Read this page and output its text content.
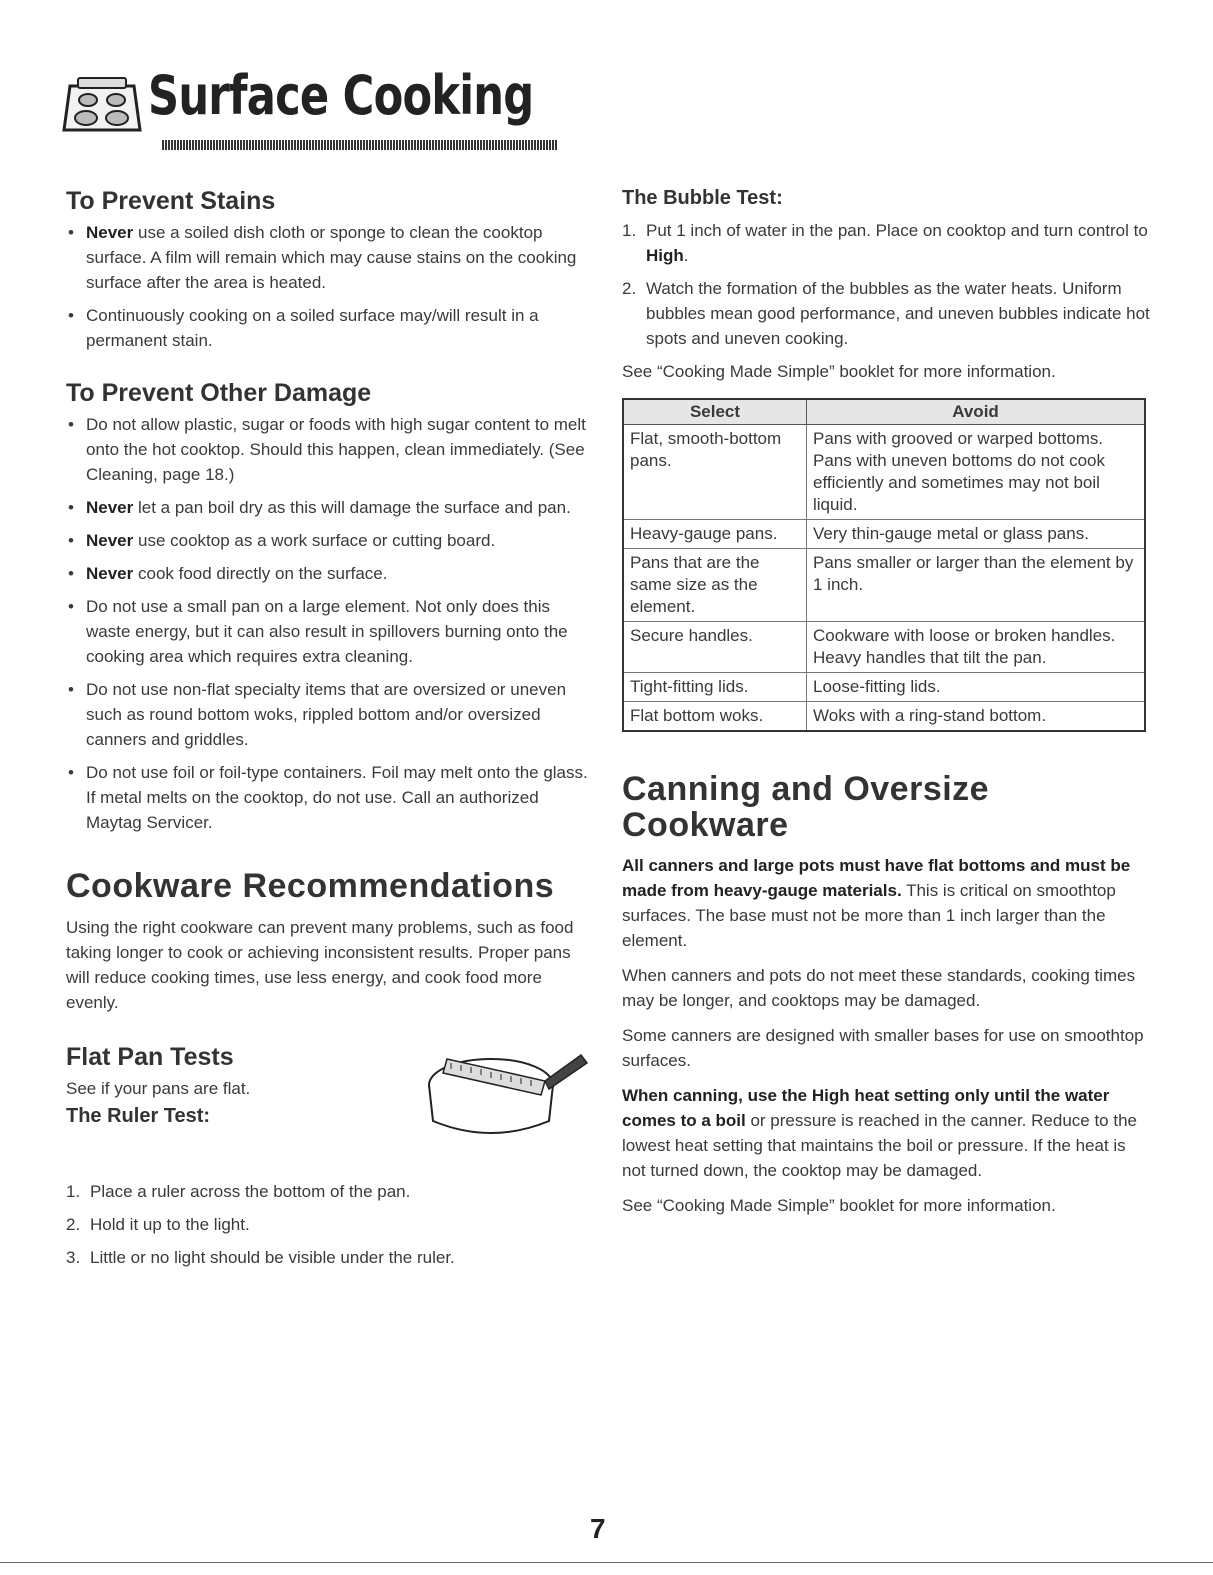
Surface Cooking
To Prevent Stains
• Never use a soiled dish cloth or sponge to clean the cooktop surface. A film will remain which may cause stains on the cooking surface after the area is heated.
• Continuously cooking on a soiled surface may/will result in a permanent stain.
To Prevent Other Damage
• Do not allow plastic, sugar or foods with high sugar content to melt onto the hot cooktop. Should this happen, clean immediately. (See Cleaning, page 18.)
• Never let a pan boil dry as this will damage the surface and pan.
• Never use cooktop as a work surface or cutting board.
• Never cook food directly on the surface.
• Do not use a small pan on a large element. Not only does this waste energy, but it can also result in spillovers burning onto the cooking area which requires extra cleaning.
• Do not use non-flat specialty items that are oversized or uneven such as round bottom woks, rippled bottom and/or oversized canners and griddles.
• Do not use foil or foil-type containers. Foil may melt onto the glass. If metal melts on the cooktop, do not use. Call an authorized Maytag Servicer.
Cookware Recommendations

Using the right cookware can prevent many problems, such as food taking longer to cook or achieving inconsistent results. Proper pans will reduce cooking times, use less energy, and cook food more evenly.

Flat Pan Tests

See if your pans are flat.

The Ruler Test:
1. Place a ruler across the bottom of the pan.
2. Hold it up to the light.
3. Little or no light should be visible under the ruler.
The Bubble Test:
1. Put 1 inch of water in the pan. Place on cooktop and turn control to High.
2. Watch the formation of the bubbles as the water heats. Uniform bubbles mean good performance, and uneven bubbles indicate hot spots and uneven cooking.

See “Cooking Made Simple” booklet for more information.

Select	Avoid
Flat, smooth-bottom pans.	Pans with grooved or warped bottoms. Pans with uneven bottoms do not cook efficiently and sometimes may not boil liquid.
Heavy-gauge pans.	Very thin-gauge metal or glass pans.
Pans that are the same size as the element.	Pans smaller or larger than the element by 1 inch.
Secure handles.	Cookware with loose or broken handles. Heavy handles that tilt the pan.
Tight-fitting lids.	Loose-fitting lids.
Flat bottom woks.	Woks with a ring-stand bottom.
Canning and Oversize Cookware

All canners and large pots must have flat bottoms and must be made from heavy-gauge materials. This is critical on smoothtop surfaces. The base must not be more than 1 inch larger than the element.

When canners and pots do not meet these standards, cooking times may be longer, and cooktops may be damaged.

Some canners are designed with smaller bases for use on smoothtop surfaces.

When canning, use the High heat setting only until the water comes to a boil or pressure is reached in the canner. Reduce to the lowest heat setting that maintains the boil or pressure. If the heat is not turned down, the cooktop may be damaged.

See “Cooking Made Simple” booklet for more information.

7
